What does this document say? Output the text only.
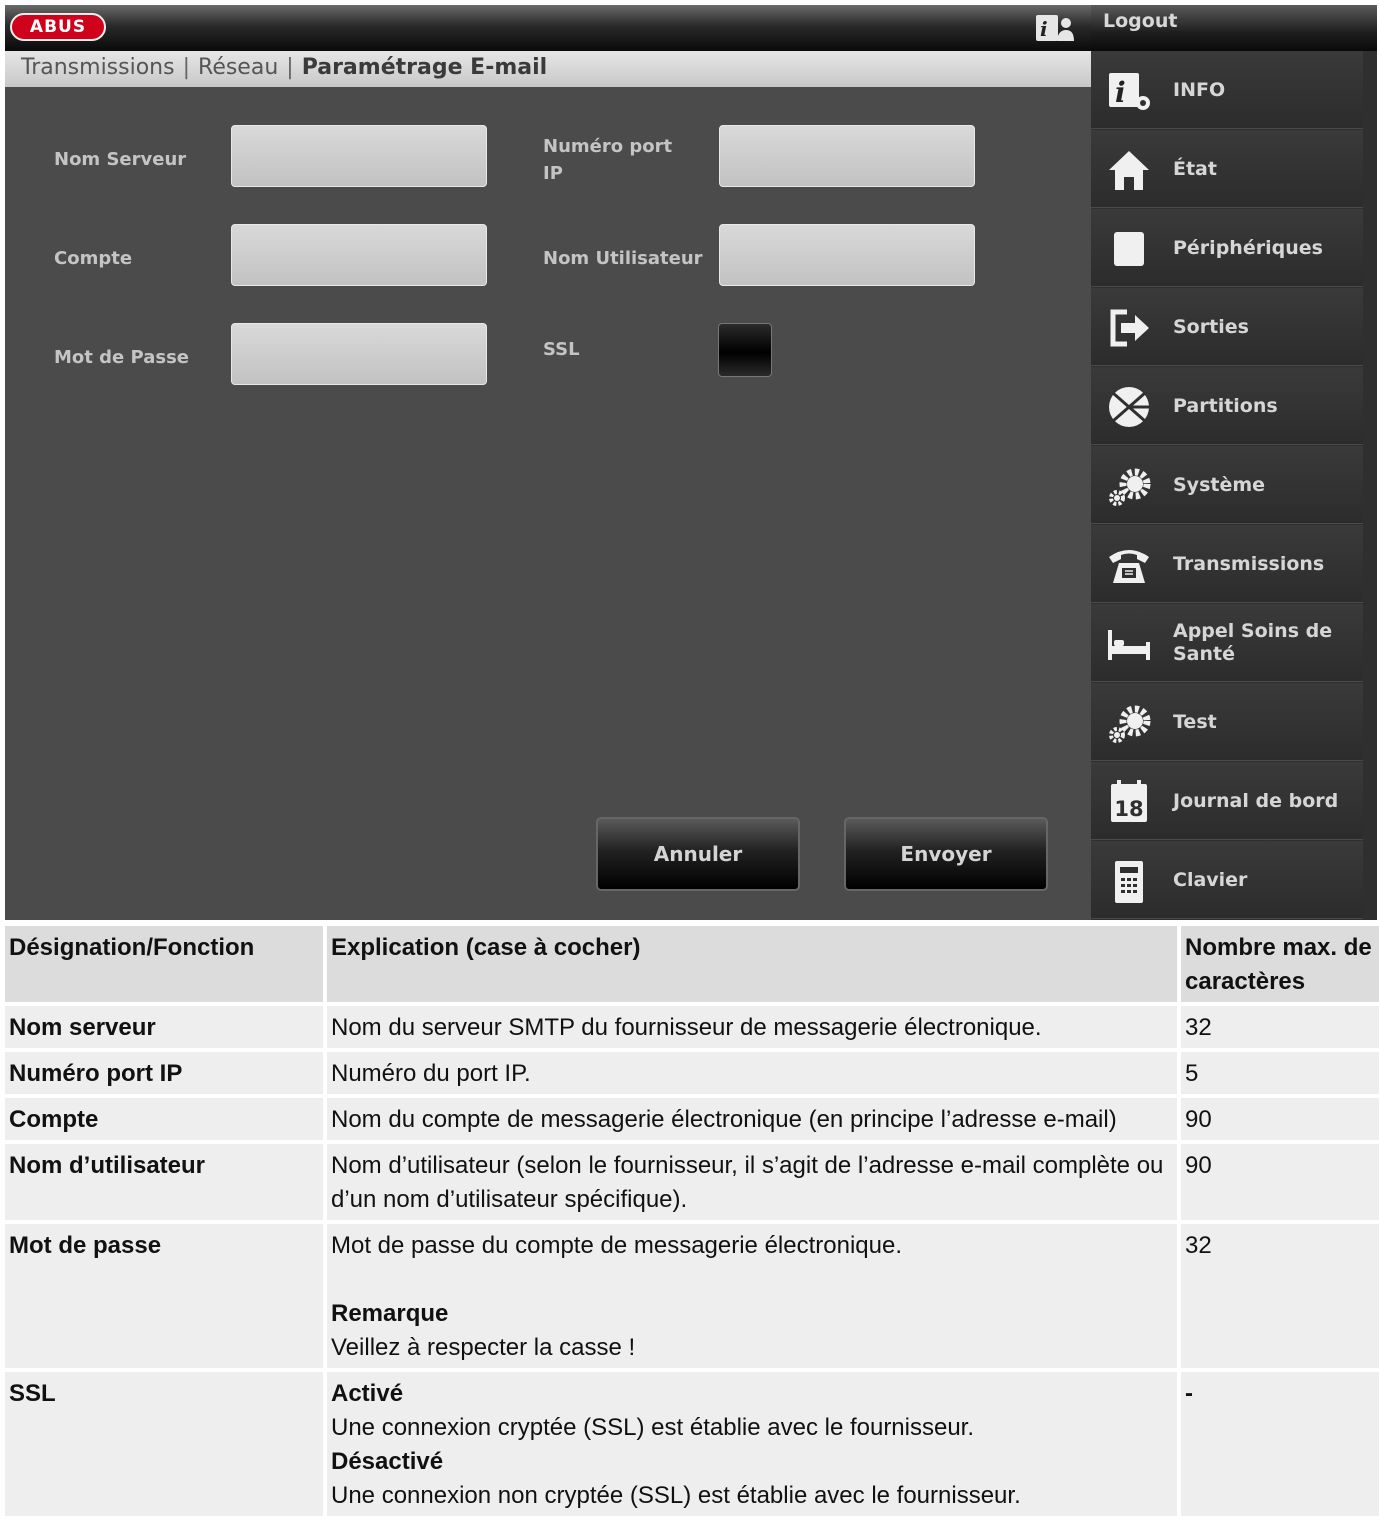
ABUS	i	Logout
Transmissions | Réseau | Paramétrage E-mail
Nom Serveur
Numéro port IP
Compte	Nom Utilisateur
Mot de Passe	SSL
Annuler	Envoyer
i INFO
État
Périphériques
Sorties
Partitions
Système
Transmissions
Appel Soins de Santé
Test
18 Journal de bord
Clavier
Désignation/Fonction	Explication (case à cocher)	Nombre max. de caractères
Nom serveur	Nom du serveur SMTP du fournisseur de messagerie électronique.	32
Numéro port IP	Numéro du port IP.	5
Compte	Nom du compte de messagerie électronique (en principe l’adresse e-mail)	90
Nom d’utilisateur	Nom d’utilisateur (selon le fournisseur, il s’agit de l’adresse e-mail complète ou d’un nom d’utilisateur spécifique).	90
Mot de passe	Mot de passe du compte de messagerie électronique.
Remarque
Veillez à respecter la casse !	32
SSL	Activé
Une connexion cryptée (SSL) est établie avec le fournisseur.
Désactivé
Une connexion non cryptée (SSL) est établie avec le fournisseur.	-
